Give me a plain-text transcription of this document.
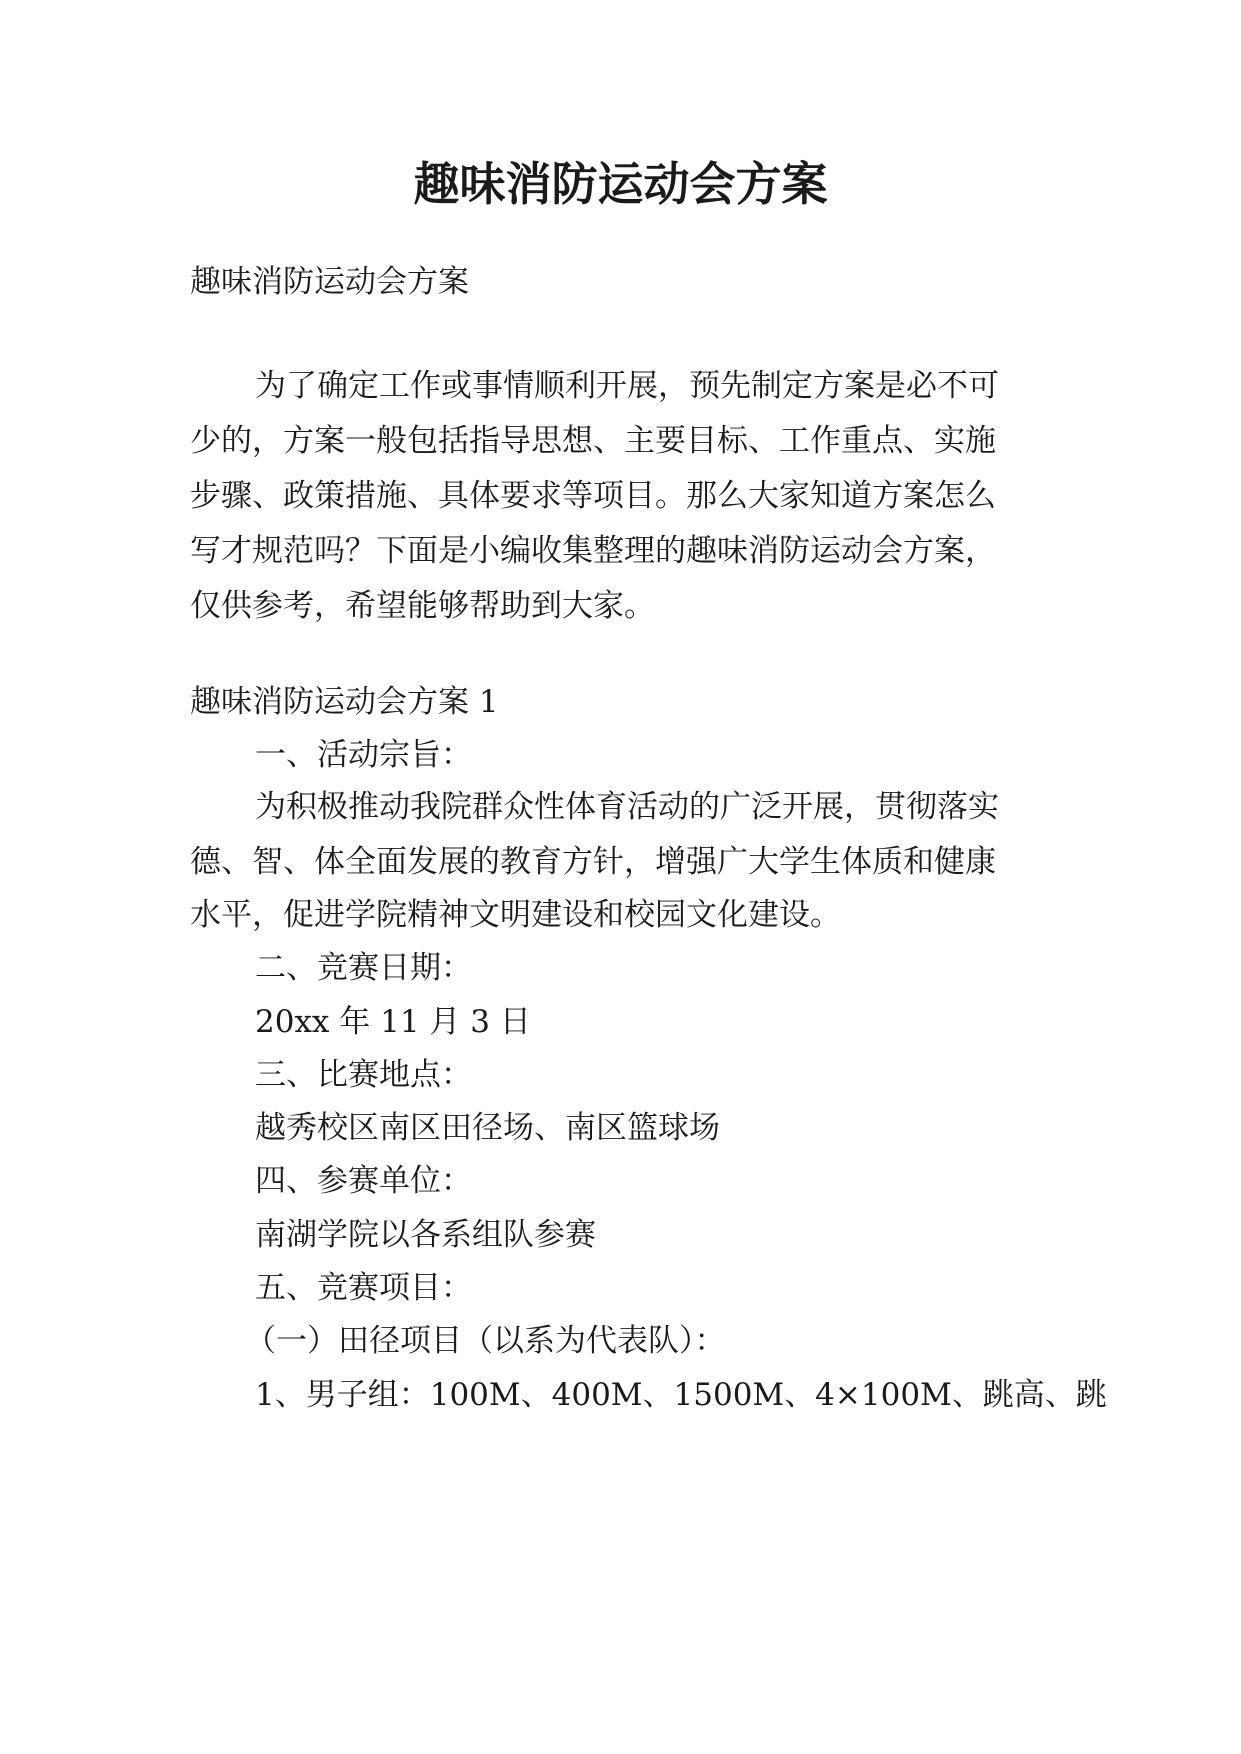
趣味消防运动会方案

趣味消防运动会方案

为了确定工作或事情顺利开展，预先制定方案是必不可

少的，方案一般包括指导思想、主要目标、工作重点、实施

步骤、政策措施、具体要求等项目。那么大家知道方案怎么

写才规范吗？下面是小编收集整理的趣味消防运动会方案，

仅供参考，希望能够帮助到大家。

趣味消防运动会方案 1

一、活动宗旨：

为积极推动我院群众性体育活动的广泛开展，贯彻落实

德、智、体全面发展的教育方针，增强广大学生体质和健康

水平，促进学院精神文明建设和校园文化建设。

二、竞赛日期：

20xx 年 11 月 3 日

三、比赛地点：

越秀校区南区田径场、南区篮球场

四、参赛单位：

南湖学院以各系组队参赛

五、竞赛项目：

（一）田径项目（以系为代表队）：

1、男子组：100M、400M、1500M、4×100M、跳高、跳
